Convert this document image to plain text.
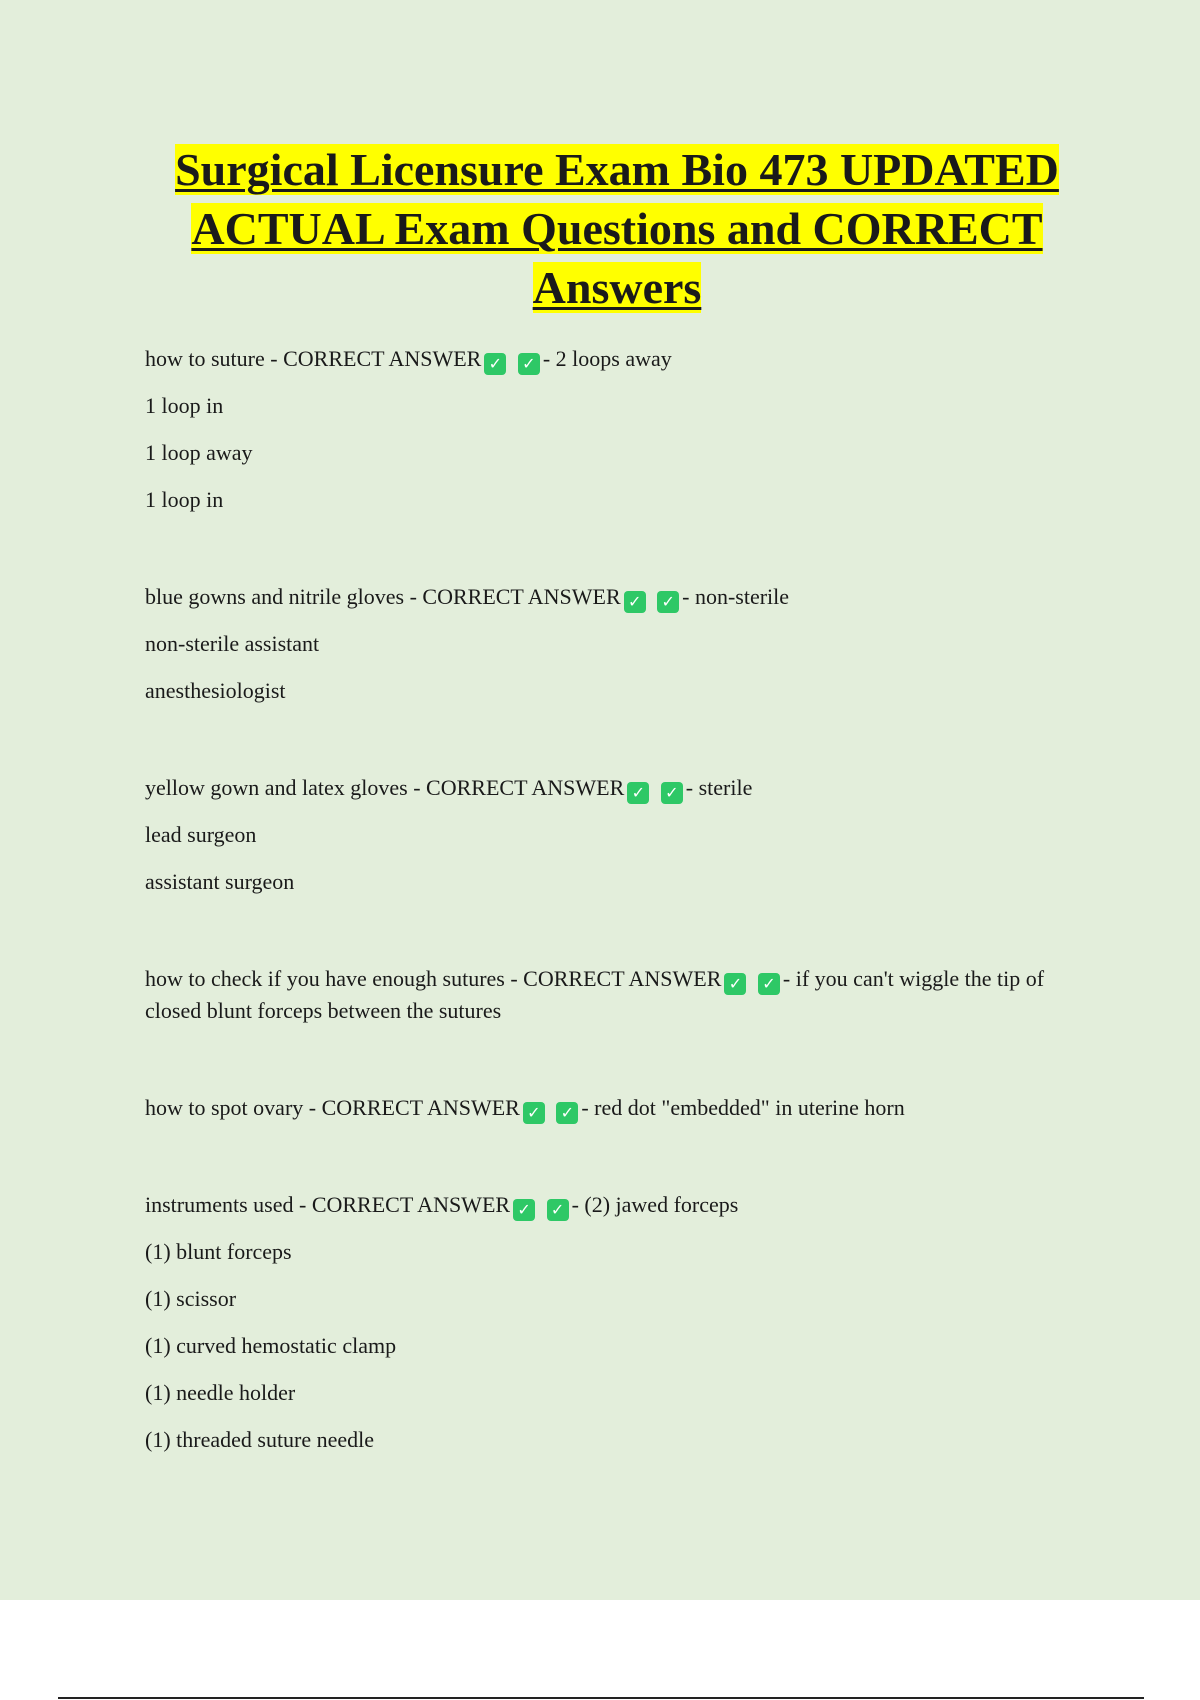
Surgical Licensure Exam Bio 473 UPDATED ACTUAL Exam Questions and CORRECT Answers
how to suture - CORRECT ANSWER ✓ ✓ - 2 loops away
1 loop in
1 loop away
1 loop in
blue gowns and nitrile gloves - CORRECT ANSWER ✓ ✓ - non-sterile
non-sterile assistant
anesthesiologist
yellow gown and latex gloves - CORRECT ANSWER ✓ ✓ - sterile
lead surgeon
assistant surgeon
how to check if you have enough sutures - CORRECT ANSWER ✓ ✓ - if you can't wiggle the tip of closed blunt forceps between the sutures
how to spot ovary - CORRECT ANSWER ✓ ✓ - red dot "embedded" in uterine horn
instruments used - CORRECT ANSWER ✓ ✓ - (2) jawed forceps
(1) blunt forceps
(1) scissor
(1) curved hemostatic clamp
(1) needle holder
(1) threaded suture needle
